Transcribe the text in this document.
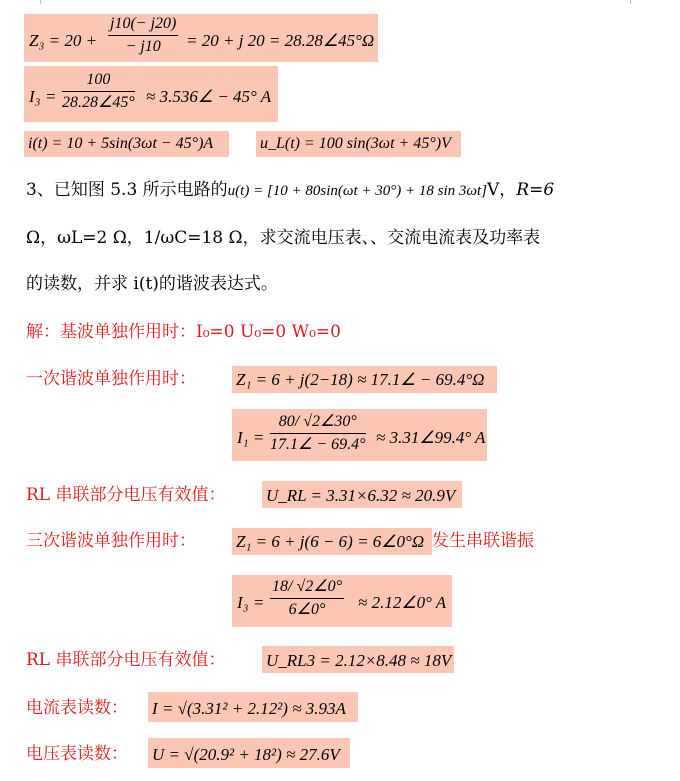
$Z_3 = 20 + \frac{j10(- j20)}{- j10} = 20 + j$ 20 = 28.28∠45°Ω
$I_3 = \frac{100}{28.28\angle 45^\circ}$ ≈ 3.536∠ − 45° A
i(t) = 10 + 5sin(3ωt − 45°)A	u_L(t) = 100 sin(3ωt + 45°)V
3、已知图 5.3 所示电路的u(t) = [10 + 80sin(ωt + 30°) + 18 sin 3ωt]V，R=6
Ω，ωL=2 Ω，1/ωC=18 Ω，求交流电压表、、交流电流表及功率表
的读数，并求 i(t)的谐波表达式。
解：基波单独作用时：I₀=0 U₀=0 W₀=0
一次谐波单独作用时： Z₁ = 6 + j(2−18) ≈ 17.1∠ − 69.4°Ω
$I_1 = \frac{80/ √2\angle 30^\circ}{17.1\angle - 69.4^\circ}$ ≈ 3.31∠99.4° A
RL 串联部分电压有效值： U_RL = 3.31×6.32 ≈ 20.9V
三次谐波单独作用时： Z₁ = 6 + j(6 − 6) = 6∠0°Ω 发生串联谐振
$I_3 = \frac{18/ √2\angle 0^\circ}{6\angle 0^\circ}$ ≈ 2.12∠0° A
RL 串联部分电压有效值： U_RL3 = 2.12×8.48 ≈ 18V
电流表读数： I = √(3.31² + 2.12²) ≈ 3.93A
电压表读数： U = √(20.9² + 18²) ≈ 27.6V
